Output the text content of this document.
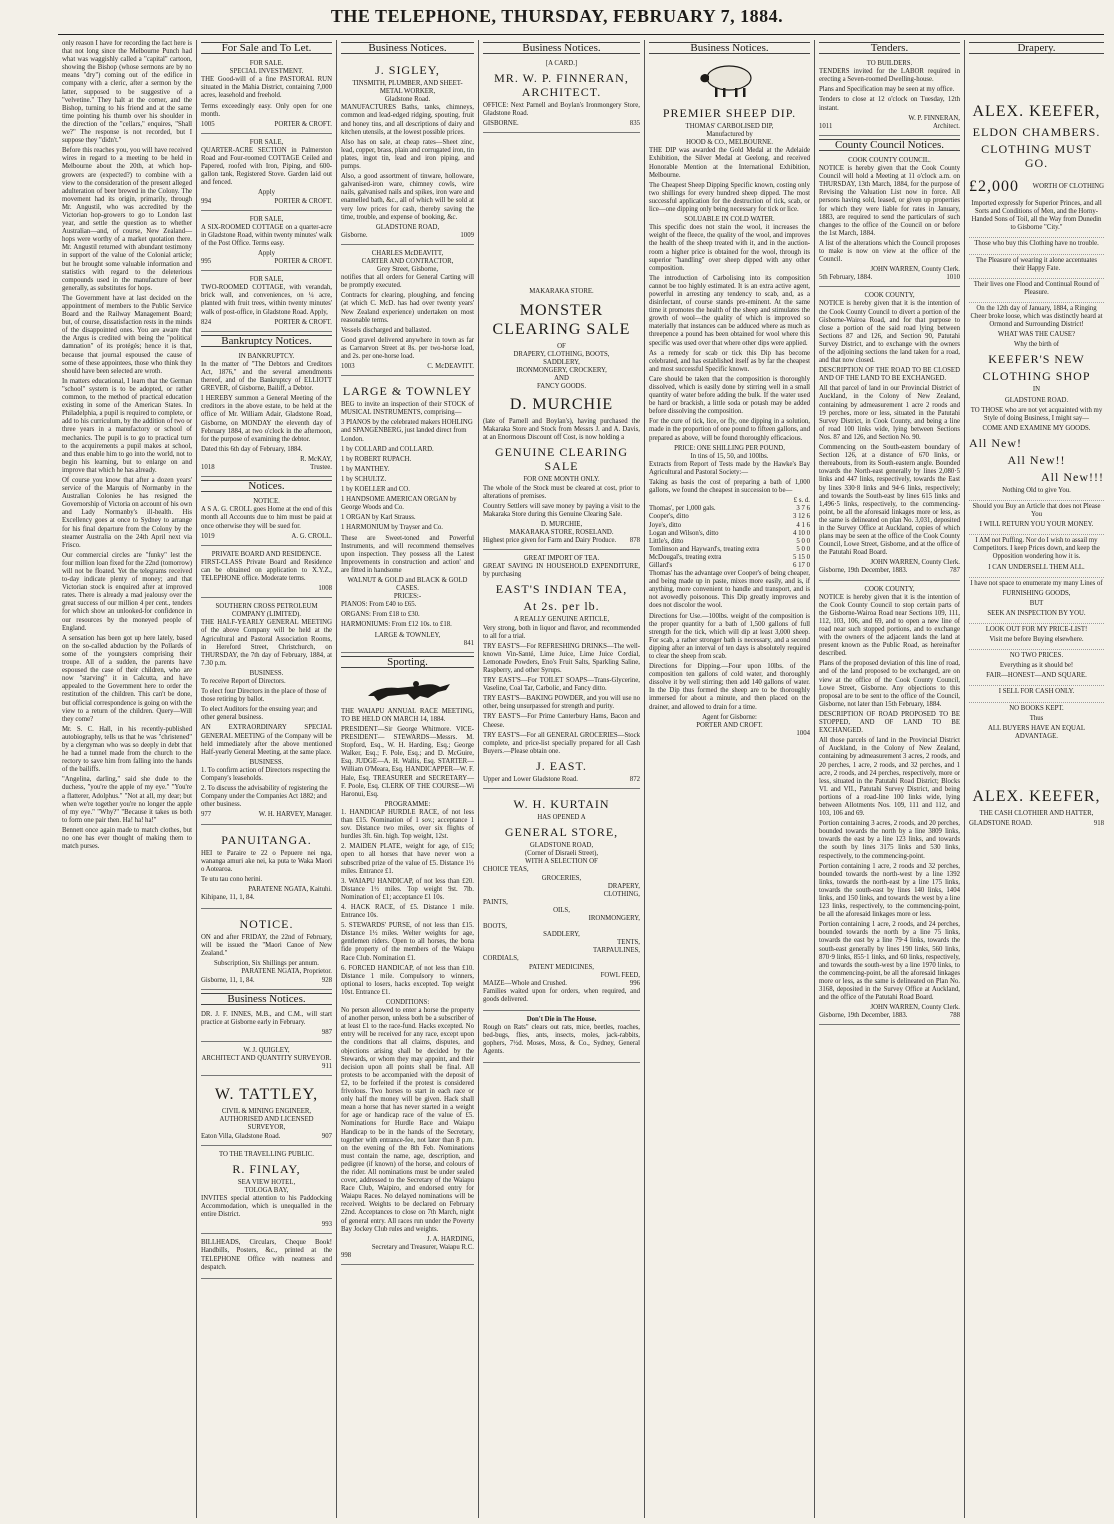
THE TELEPHONE, THURSDAY, FEBRUARY 7, 1884.

only reason I have for recording the fact here is that not long since the Melbourne Punch had what was waggishly called a "capital" cartoon, showing the Bishop (whose sermons are by no means "dry") coming out of the edifice in company with a cleric, after a sermon by the latter, supposed to be suggestive of a "velvetine." They halt at the corner, and the Bishop, turning to his friend and at the same time pointing his thumb over his shoulder in the direction of the "cellars," enquires, "Shall we?" The response is not recorded, but I suppose they "didn't."

Before this reaches you, you will have received wires in regard to a meeting to be held in Melbourne about the 20th, at which hop-growers are (expected?) to combine with a view to the consideration of the present alleged adulteration of beer brewed in the Colony. The movement had its origin, primarily, through Mr. Angustil, who was accredited by the Victorian hop-growers to go to London last year, and settle the question as to whether Australian—and, of course, New Zealand—hops were worthy of a market quotation there. Mr. Angustil returned with abundant testimony in support of the value of the Colonial article; but he brought some valuable information and statistics with regard to the deleterious compounds used in the manufacture of beer generally, as substitutes for hops.

The Government have at last decided on the appointment of members to the Public Service Board and the Railway Management Board; but, of course, dissatisfaction rests in the minds of the disappointed ones. You are aware that the Argus is credited with being the "political damnation" of its protégés; hence it is that, because that journal espoused the cause of some of these appointees, those who think they should have been selected are wroth.

In matters educational, I learn that the German "school" system is to be adopted, or rather common, to the method of practical education existing in some of the American States. In Philadelphia, a pupil is required to complete, or add to his curriculum, by the addition of two or three years in a manufactory or school of mechanics. The pupil is to go to practical turn to the acquirements a pupil makes at school, and thus enable him to go into the world, not to begin his learning, but to enlarge on and improve that which he has already.

Of course you know that after a dozen years' service of the Marquis of Normanby in the Australian Colonies he has resigned the Governorship of Victoria on account of his own and Lady Normanby's ill-health. His Excellency goes at once to Sydney to arrange for his final departure from the Colony by the steamer Australia on the 24th April next via Frisco.

Our commercial circles are "funky" lest the four million loan fixed for the 22nd (tomorrow) will not be floated. Yet the telegrams received to-day indicate plenty of money; and that Victorian stock is enquired after at improved rates. There is already a mad jealousy over the great success of our million 4 per cent., tenders for which show an unlooked-for confidence in our resources by the moneyed people of England.

A sensation has been got up here lately, based on the so-called abduction by the Pollards of some of the youngsters comprising their troupe. All of a sudden, the parents have espoused the case of their children, who are now "starving" it in Calcutta, and have appealed to the Government here to order the restitution of the children. This can't be done, but official correspondence is going on with the view to a return of the children. Query—Will they come?

Mr. S. C. Hall, in his recently-published autobiography, tells us that he was "christened" by a clergyman who was so deeply in debt that he had a tunnel made from the church to the rectory to save him from falling into the hands of the bailiffs.

"Angelina, darling," said she dude to the duchess, "you're the apple of my eye." "You're a flatterer, Adolphus." "Not at all, my dear; but when we're together you're no longer the apple of my eye." "Why?" "Because it takes us both to form one pair then. Ha! ha! ha!"

Bennett once again made to match clothes, but no one has ever thought of making them to match purses.

For Sale and To Let.
FOR SALE.
SPECIAL INVESTMENT.

THE Good-will of a fine PASTORAL RUN situated in the Mahia District, containing 7,000 acres, leasehold and freehold.

Terms exceedingly easy. Only open for one month.

1005	PORTER & CROFT.
FOR SALE,

QUARTER-ACRE SECTION in Palmerston Road and Four-roomed COTTAGE Ceiled and Papered, roofed with Iron, Piping, and 600-gallon tank, Registered Stove. Garden laid out and fenced.

Apply
994	PORTER & CROFT.
FOR SALE,

A SIX-ROOMED COTTAGE on a quarter-acre in Gladstone Road, within twenty minutes' walk of the Post Office. Terms easy.

Apply
995	PORTER & CROFT.
FOR SALE,

TWO-ROOMED COTTAGE, with verandah, brick wall, and conveniences, on ¼ acre, planted with fruit trees, within twenty minutes' walk of post-office, in Gladstone Road. Apply,

824	PORTER & CROFT.
Bankruptcy Notices.
IN BANKRUPTCY.

In the matter of "The Debtors and Creditors Act, 1876," and the several amendments thereof, and of the Bankruptcy of ELLIOTT GREVER, of Gisborne, Bailiff, a Debtor.

I HEREBY summon a General Meeting of the creditors in the above estate, to be held at the office of Mr. William Adair, Gladstone Road, Gisborne, on MONDAY the eleventh day of February 1884, at two o'clock in the afternoon, for the purpose of examining the debtor.

Dated this 6th day of February, 1884.

R. McKAY,
1018	Trustee.
Notices.
NOTICE.

A S A. G. CROLL goes Home at the end of this month all Accounts due to him must be paid at once otherwise they will be sued for.

1019	A. G. CROLL.
PRIVATE BOARD AND RESIDENCE.

FIRST-CLASS Private Board and Residence can be obtained on application to X.Y.Z., TELEPHONE office. Moderate terms.

1008
SOUTHERN CROSS PETROLEUM COMPANY (LIMITED).

THE HALF-YEARLY GENERAL MEETING of the above Company will be held at the Agricultural and Pastoral Association Rooms, in Hereford Street, Christchurch, on THURSDAY, the 7th day of February, 1884, at 7.30 p.m.

BUSINESS.

To receive Report of Directors.

To elect four Directors in the place of those of those retiring by ballot.

To elect Auditors for the ensuing year; and other general business.

AN EXTRAORDINARY SPECIAL GENERAL MEETING of the Company will be held immediately after the above mentioned Half-yearly General Meeting, at the same place.

BUSINESS.

1. To confirm action of Directors respecting the Company's leaseholds.

2. To discuss the advisability of registering the Company under the Companies Act 1882; and other business.

977	W. H. HARVEY, Manager.
PANUITANGA.

HEI te Paraire te 22 o Pepuere nei nga, wananga amuri ake nei, ka puta te Waka Maori o Aotearoa.

Te utu tau cono herini.

PARATENE NGATA, Kaituhi.

Kihipane, 11, 1, 84.

NOTICE.

ON and after FRIDAY, the 22nd of February, will be issued the "Maori Canoe of New Zealand."

Subscription, Six Shillings per annum.
PARATENE NGATA, Proprietor.
Gisborne, 11, 1, 84.	928
Business Notices.

DR. J. F. INNES, M.B., and C.M., will start practice at Gisborne early in February.

987
W. J. QUIGLEY,
ARCHITECT AND QUANTITY SURVEYOR.
911
W. TATTLEY,
CIVIL & MINING ENGINEER,
AUTHORISED AND LICENSED SURVEYOR,
Eaton Villa, Gladstone Road.	907
TO THE TRAVELLING PUBLIC.
R. FINLAY,
SEA VIEW HOTEL,
TOLOGA BAY,

INVITES special attention to his Paddocking Accommodation, which is unequalled in the entire District.

993

BILLHEADS, Circulars, Cheque Book! Handbills, Posters, &c., printed at the TELEPHONE Office with neatness and despatch.

Business Notices.
J. SIGLEY,
TINSMITH, PLUMBER, AND SHEET-METAL WORKER,
Gladstone Road.

MANUFACTURES Baths, tanks, chimneys, common and lead-edged ridging, spouting, fruit and honey tins, and all descriptions of dairy and kitchen utensils, at the lowest possible prices.

Also has on sale, at cheap rates—Sheet zinc, lead, copper, brass, plain and corrugated iron, tin plates, ingot tin, lead and iron piping, and pumps.

Also, a good assortment of tinware, holloware, galvanised-iron ware, chimney cowls, wire nails, galvanised nails and spikes, iron ware and enamelled bath, &c., all of which will be sold at very low prices for cash, thereby saving the time, trouble, and expense of booking, &c.

GLADSTONE ROAD,
Gisborne.	1009
CHARLES McDEAVITT,
CARTER AND CONTRACTOR,
Grey Street, Gisborne,

notifies that all orders for General Carting will be promptly executed.

Contracts for clearing, ploughing, and fencing (at which C. McD. has had over twenty years' New Zealand experience) undertaken on most reasonable terms.

Vessels discharged and ballasted.

Good gravel delivered anywhere in town as far as Carnarvon Street at 8s. per two-horse load, and 2s. per one-horse load.

1003	C. McDEAVITT.
LARGE & TOWNLEY

BEG to invite an inspection of their STOCK of MUSICAL INSTRUMENTS, comprising—

3 PIANOS by the celebrated makers HOHLING and SPANGENBERG, just landed direct from London.

1 by COLLARD and COLLARD.

1 by ROBERT RUPACH.

1 by MANTHEY.

1 by SCHULTZ.

1 by KOELLER and CO.

1 HANDSOME AMERICAN ORGAN by George Woods and Co.

1 ORGAN by Karl Strauss.

1 HARMONIUM by Trayser and Co.

These are Sweet-toned and Powerful Instruments, and will recommend themselves upon inspection. They possess all the Latest Improvements in construction and action' and are fitted in handsome

WALNUT & GOLD and BLACK & GOLD CASES.
PRICES:-

PIANOS: From £40 to £65.

ORGANS: From £18 to £30.

HARMONIUMS: From £12 10s. to £18.

LARGE & TOWNLEY,
841
Sporting.

THE WAIAPU ANNUAL RACE MEETING, TO BE HELD ON MARCH 14, 1884.

PRESIDENT—Sir George Whitmore. VICE-PRESIDENT— STEWARDS—Messrs. M. Stopford, Esq., W. H. Harding, Esq.; George Walker, Esq.; F. Pole, Esq.; and D. McGuire, Esq. JUDGE—A. H. Wallis, Esq. STARTER—William O'Meara, Esq. HANDICAPPER—W. F. Hale, Esq. TREASURER and SECRETARY—F. Poole, Esq. CLERK OF THE COURSE—Wi Haronui, Esq.

PROGRAMME:

1. HANDICAP HURDLE RACE, of not less than £15. Nomination of 1 sov.; acceptance 1 sov. Distance two miles, over six flights of hurdles 3ft. 6in. high. Top weight, 12st.

2. MAIDEN PLATE, weight for age, of £15; open to all horses that have never won a subscribed prize of the value of £5. Distance 1½ miles. Entrance £1.

3. WAIAPU HANDICAP, of not less than £20. Distance 1½ miles. Top weight 9st. 7lb. Nomination of £1; acceptance £1 10s.

4. HACK RACE, of £5. Distance 1 mile. Entrance 10s.

5. STEWARDS' PURSE, of not less than £15. Distance 1½ miles. Welter weights for age, gentlemen riders. Open to all horses, the bona fide property of the members of the Waiapu Race Club. Nomination £1.

6. FORCED HANDICAP, of not less than £10. Distance 1 mile. Compulsory to winners, optional to losers, hacks excepted. Top weight 10st. Entrance £1.

CONDITIONS:

No person allowed to enter a horse the property of another person, unless both be a subscriber of at least £1 to the race-fund. Hacks excepted. No entry will be received for any race, except upon the conditions that all claims, disputes, and objections arising shall be decided by the Stewards, or whom they may appoint, and their decision upon all points shall be final. All protests to be accompanied with the deposit of £2, to be forfeited if the protest is considered frivolous. Two horses to start in each race or only half the money will be given. Hack shall mean a horse that has never started in a weight for age or handicap race of the value of £5. Nominations for Hurdle Race and Waiapu Handicap to be in the hands of the Secretary, together with entrance-fee, not later than 8 p.m. on the evening of the 8th Feb. Nominations must contain the name, age, description, and pedigree (if known) of the horse, and colours of the rider. All nominations must be under sealed cover, addressed to the Secretary of the Waiapu Race Club, Waipiro, and endorsed entry for Waiapu Races. No delayed nominations will be received. Weights to be declared on February 22nd. Acceptances to close on 7th March, night of general entry. All races run under the Poverty Bay Jockey Club rules and weights.

J. A. HARDING,
Secretary and Treasurer, Waiapu R.C.
998
Business Notices.
[A CARD.]
MR. W. P. FINNERAN, ARCHITECT.

OFFICE: Next Parnell and Boylan's Ironmongery Store, Gladstone Road.

GISBORNE.	835
MAKARAKA STORE.
MONSTER CLEARING SALE
OF
DRAPERY, CLOTHING, BOOTS,
SADDLERY,
IRONMONGERY, CROCKERY,
AND
FANCY GOODS.
D. MURCHIE

(late of Parnell and Boylan's), having purchased the Makaraka Store and Stock from Messrs J. and A. Davis, at an Enormous Discount off Cost, is now holding a

GENUINE CLEARING SALE
FOR ONE MONTH ONLY.

The whole of the Stock must be cleared at cost, prior to alterations of premises.

Country Settlers will save money by paying a visit to the Makaraka Store during this Genuine Clearing Sale.

D. MURCHIE,
MAKARAKA STORE, ROSELAND.
Highest price given for Farm and Dairy Produce. 878
GREAT IMPORT OF TEA.

GREAT SAVING IN HOUSEHOLD EXPENDITURE, by purchasing

EAST'S INDIAN TEA,
At 2s. per lb.
A REALLY GENUINE ARTICLE,

Very strong, both in liquor and flavor, and recommended to all for a trial.

TRY EAST'S—For REFRESHING DRINKS—The well-known Vin-Santé, Lime Juice, Lime Juice Cordial, Lemonade Powders, Eno's Fruit Salts, Sparkling Saline, Raspberry, and other Syrups.

TRY EAST'S—For TOILET SOAPS—Trans-Glycerine, Vaseline, Coal Tar, Carbolic, and Fancy ditto.

TRY EAST'S—BAKING POWDER, and you will use no other, being unsurpassed for strength and purity.

TRY EAST'S—For Prime Canterbury Hams, Bacon and Cheese.

TRY EAST'S—For all GENERAL GROCERIES—Stock complete, and price-list specially prepared for all Cash Buyers.—Please obtain one.

J. EAST.
Upper and Lower Gladstone Road.	872
W. H. KURTAIN
HAS OPENED A
GENERAL STORE,
GLADSTONE ROAD,
(Corner of Disraeli Street),
WITH A SELECTION OF
CHOICE TEAS,
GROCERIES,
DRAPERY,
CLOTHING,
PAINTS,
OILS,
IRONMONGERY,
BOOTS,
SADDLERY,
TENTS,
TARPAULINES,
CORDIALS,
PATENT MEDICINES,
FOWL FEED,
MAIZE—Whole and Crushed.	996

Families waited upon for orders, when required, and goods delivered.

Don't Die in The House.

Rough on Rats" clears out rats, mice, beetles, roaches, bed-bugs, flies, ants, insects, moles, jack-rabbits, gophers, 7½d. Moses, Moss, & Co., Sydney, General Agents.

Business Notices.
PREMIER SHEEP DIP.
THOMAS' CARBOLISED DIP,
Manufactured by
HOOD & CO., MELBOURNE.

THE DIP was awarded the Gold Medal at the Adelaide Exhibition, the Silver Medal at Geelong, and received Honorable Mention at the International Exhibition, Melbourne.

The Cheapest Sheep Dipping Specific known, costing only two shillings for every hundred sheep dipped. The most successful application for the destruction of tick, scab, or lice—one dipping only being necessary for tick or lice.

SOLUABLE IN COLD WATER.

This specific does not stain the wool, it increases the weight of the fleece, the quality of the wool, and improves the health of the sheep treated with it, and in the auction-room a higher price is obtained for the wool, through its superior "handling" over sheep dipped with any other composition.

The introduction of Carbolising into its composition cannot be too highly estimated. It is an extra active agent, powerful in arresting any tendency to scab, and, as a disinfectant, of course stands pre-eminent. At the same time it promotes the health of the sheep and stimulates the growth of wool—the quality of which is improved so materially that instances can be adduced where as much as threepence a pound has been obtained for wool where this specific was used over that where other dips were applied.

As a remedy for scab or tick this Dip has become celebrated, and has established itself as by far the cheapest and most successful Specific known.

Care should be taken that the composition is thoroughly dissolved, which is easily done by stirring well in a small quantity of water before adding the bulk. If the water used be hard or brackish, a little soda or potash may be added before dissolving the composition.

For the cure of tick, lice, or fly, one dipping in a solution, made in the proportion of one pound to fifteen gallons, and prepared as above, will be found thoroughly efficacious.

PRICE: ONE SHILLING PER POUND,
In tins of 15, 50, and 100lbs.

Extracts from Report of Tests made by the Hawke's Bay Agricultural and Pastoral Society:—

Taking as basis the cost of preparing a bath of 1,000 gallons, we found the cheapest in succession to be—

£ s. d.
Thomas', per 1,000 gals.	3 7 6
Cooper's, ditto	3 12 6
Joye's, ditto	4 1 6
Logan and Wilson's, ditto	4 10 0
Little's, ditto	5 0 0
Tomlinson and Hayward's, treating extra	5 0 0
McDougal's, treating extra	5 15 0
Gillard's	6 17 0

Thomas' has the advantage over Cooper's of being cheaper, and being made up in paste, mixes more easily, and is, if anything, more convenient to handle and transport, and is not avowedly poisonous. This Dip greatly improves and does not discolor the wool.

Directions for Use.—100lbs. weight of the composition is the proper quantity for a bath of 1,500 gallons of full strength for the tick, which will dip at least 3,000 sheep. For scab, a rather stronger bath is necessary, and a second dipping after an interval of ten days is absolutely required to clear the sheep from scab.

Directions for Dipping.—Four upon 10lbs. of the composition ten gallons of cold water, and thoroughly dissolve it by well stirring; then add 140 gallons of water. In the Dip thus formed the sheep are to be thoroughly immersed for about a minute, and then placed on the drainer, and allowed to drain for a time.

Agent for Gisborne:
PORTER AND CROFT.
1004
Tenders.
TO BUILDERS.

TENDERS invited for the LABOR required in erecting a Seven-roomed Dwelling-house.

Plans and Specification may be seen at my office.

Tenders to close at 12 o'clock on Tuesday, 12th instant.

W. P. FINNERAN,
1011	Architect.
County Council Notices.
COOK COUNTY COUNCIL.

NOTICE is hereby given that the Cook County Council will hold a Meeting at 11 o'clock a.m. on THURSDAY, 13th March, 1884, for the purpose of Revising the Valuation List now in force. All persons having sold, leased, or given up properties for which they were liable for rates in January, 1883, are required to send the particulars of such changes to the office of the Council on or before the 1st March, 1884.

A list of the alterations which the Council proposes to make is now on view at the office of the Council.

JOHN WARREN, County Clerk.
5th February, 1884.	1010
COOK COUNTY,

NOTICE is hereby given that it is the intention of the Cook County Council to divert a portion of the Gisborne-Wairoa Road, and for that purpose to close a portion of the said road lying between Sections 87 and 126, and Section 90, Patutahi Survey District, and to exchange with the owners of the adjoining sections the land taken for a road, and that now closed.

DESCRIPTION OF THE ROAD TO BE CLOSED AND OF THE LAND TO BE EXCHANGED.

All that parcel of land in our Provincial District of Auckland, in the Colony of New Zealand, containing by admeasurement 1 acre 2 roods and 19 perches, more or less, situated in the Patutahi Survey District, in Cook County, and being a line of road 100 links wide, lying between Sections Nos. 87 and 126, and Section No. 90.

Commencing on the South-eastern boundary of Section 126, at a distance of 670 links, or thereabouts, from its South-eastern angle. Bounded towards the North-east generally by lines 2,080·5 links and 447 links, respectively, towards the East by lines 330·8 links and 94·6 links, respectively; and towards the South-east by lines 615 links and 1,496·5 links, respectively, to the commencing-point, be all the aforesaid linkages more or less, as the same is delineated on plan No. 3,031, deposited in the Survey Office at Auckland, copies of which plans may be seen at the office of the Cook County Council, Lowe Street, Gisborne, and at the office of the Patutahi Road Board.

JOHN WARREN, County Clerk.
Gisborne, 19th December, 1883.	787
COOK COUNTY,

NOTICE is hereby given that it is the intention of the Cook County Council to stop certain parts of the Gisborne-Wairoa Road near Sections 109, 111, 112, 103, 106, and 69, and to open a new line of road near such stopped portions, and to exchange with the owners of the adjacent lands the land at present known as the Public Road, as hereinafter described.

Plans of the proposed deviation of this line of road, and of the land proposed to be exchanged, are on view at the office of the Cook County Council, Lowe Street, Gisborne. Any objections to this proposal are to be sent to the office of the Council, Gisborne, not later than 15th February, 1884.

DESCRIPTION OF ROAD PROPOSED TO BE STOPPED, AND OF LAND TO BE EXCHANGED.

All those parcels of land in the Provincial District of Auckland, in the Colony of New Zealand, containing by admeasurement 3 acres, 2 roods, and 20 perches, 1 acre, 2 roods, and 32 perches, and 1 acre, 2 roods, and 24 perches, respectively, more or less, situated in the Patutahi Road District; Blocks VI. and VII., Patutahi Survey District, and being portions of a road-line 100 links wide, lying between Allotments Nos. 109, 111 and 112, and 103, 106 and 69.

Portion containing 3 acres, 2 roods, and 20 perches, bounded towards the north by a line 3809 links, towards the east by a line 123 links, and towards the south by lines 3175 links and 530 links, respectively, to the commencing-point.

Portion containing 1 acre, 2 roods and 32 perches, bounded towards the north-west by a line 1392 links, towards the north-east by a line 175 links, towards the south-east by lines 140 links, 1404 links, and 150 links, and towards the west by a line 123 links, respectively, to the commencing-point, be all the aforesaid linkages more or less.

Portion containing 1 acre, 2 roods, and 24 perches, bounded towards the north by a line 75 links, towards the east by a line 79·4 links, towards the south-east generally by lines 190 links, 560 links, 870·9 links, 855·1 links, and 60 links, respectively, and towards the south-west by a line 1970 links, to the commencing-point, be all the aforesaid linkages more or less, as the same is delineated on Plan No. 3168, deposited in the Survey Office at Auckland, and the office of the Patutahi Road Board.

JOHN WARREN, County Clerk.
Gisborne, 19th December, 1883.	788
Drapery.
ALEX. KEEFER,
ELDON CHAMBERS.
CLOTHING MUST GO.
£2,000 WORTH OF CLOTHING

Imported expressly for Superior Princes, and all Sorts and Conditions of Men, and the Horny-Handed Sons of Toil, all the Way from Dunedin to Gisborne "City."

Those who buy this Clothing have no trouble.

The Pleasure of wearing it alone accentuates their Happy Fate.

Their lives one Flood and Continual Round of Pleasure.

On the 12th day of January, 1884, a Ringing Cheer broke loose, which was distinctly heard at Ormond and Surrounding District!

WHAT WAS THE CAUSE?

Why the birth of

KEEFER'S NEW
CLOTHING SHOP

IN

GLADSTONE ROAD.

TO THOSE who are not yet acquainted with my Style of doing Business, I might say—

COME AND EXAMINE MY GOODS.

All New!
All New!!
All New!!!

Nothing Old to give You.

Should you Buy an Article that does not Please You

I WILL RETURN YOU YOUR MONEY.

I AM not Puffing. Nor do I wish to assail my Competitors. I keep Prices down, and keep the Opposition wondering how it is.

I CAN UNDERSELL THEM ALL.

I have not space to enumerate my many Lines of

FURNISHING GOODS,

BUT

SEEK AN INSPECTION BY YOU.

LOOK OUT FOR MY PRICE-LIST!

Visit me before Buying elsewhere.

NO TWO PRICES.

Everything as it should be!

FAIR—HONEST—AND SQUARE.

I SELL FOR CASH ONLY.

NO BOOKS KEPT.

Thus

ALL BUYERS HAVE AN EQUAL ADVANTAGE.

ALEX. KEEFER,

THE CASH CLOTHIER AND HATTER,

GLADSTONE ROAD.	918
